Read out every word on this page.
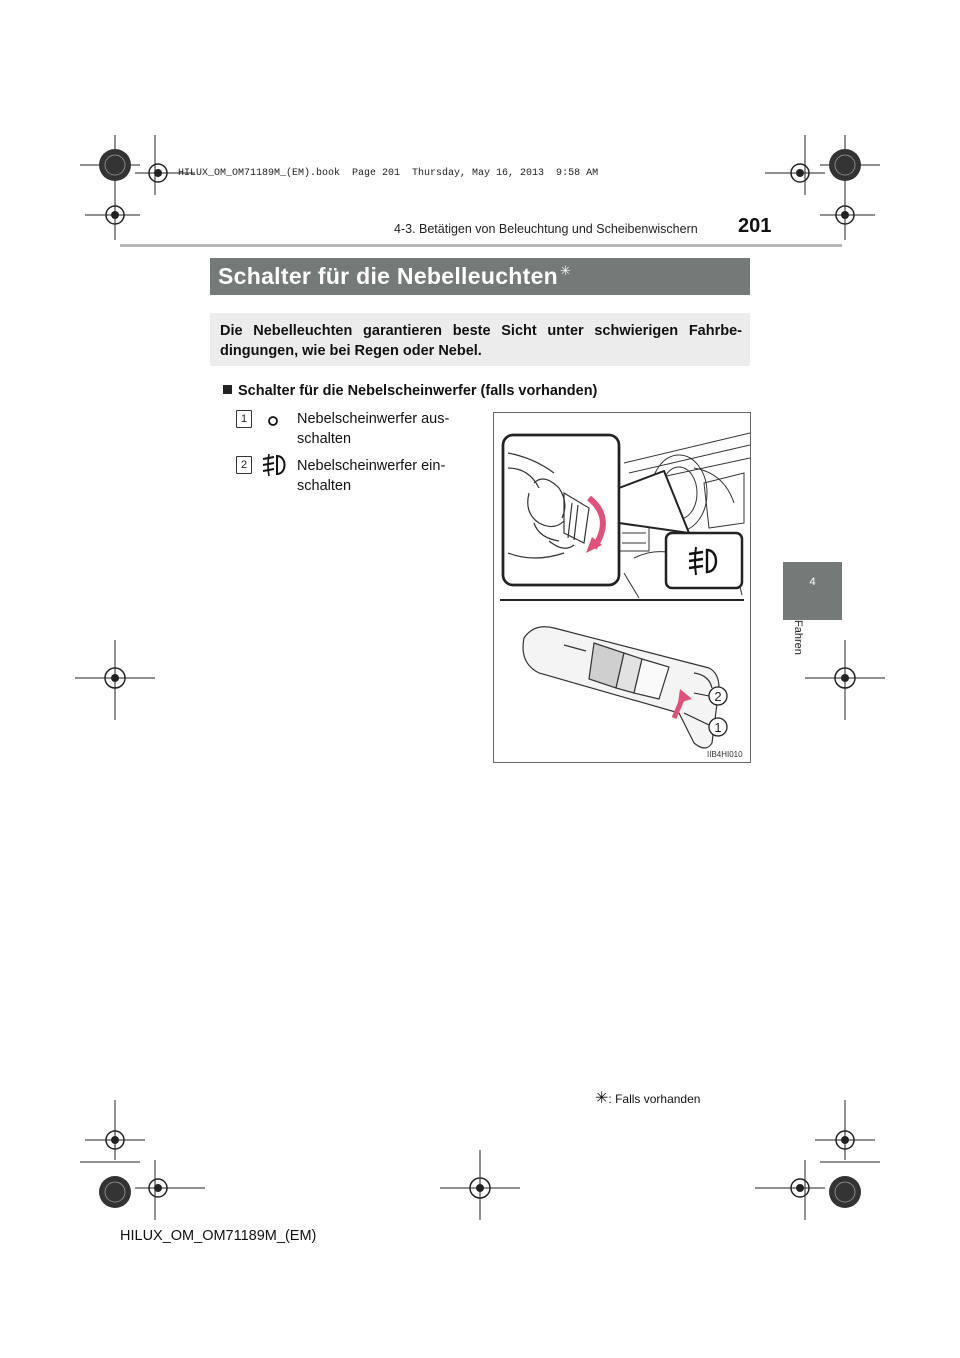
HILUX_OM_OM71189M_(EM).book  Page 201  Thursday, May 16, 2013  9:58 AM
4-3. Betätigen von Beleuchtung und Scheibenwischern 201
4
Fahren
Schalter für die Nebelleuchten ✳
Die Nebelleuchten garantieren beste Sicht unter schwierigen Fahrbe-dingungen, wie bei Regen oder Nebel.
Schalter für die Nebelscheinwerfer (falls vorhanden)
1	Nebelscheinwerfer aus-
schalten
2	Nebelscheinwerfer ein-
schalten
2
1
IIB4HI010
✳: Falls vorhanden
HILUX_OM_OM71189M_(EM)
